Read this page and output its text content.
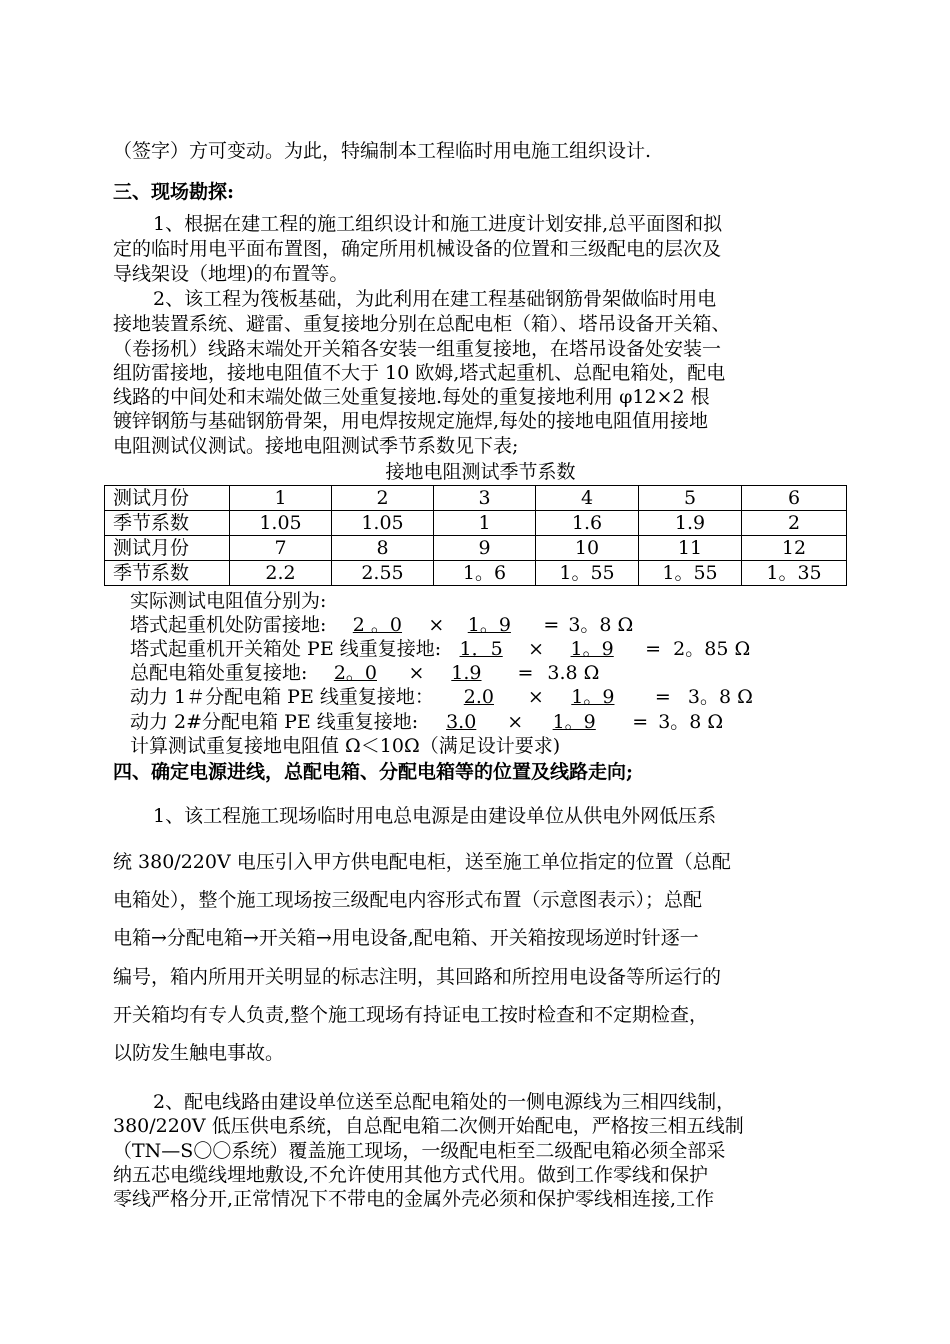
（签字）方可变动。为此，特编制本工程临时用电施工组织设计.
三、现场勘探:
1、根据在建工程的施工组织设计和施工进度计划安排,总平面图和拟
定的临时用电平面布置图，确定所用机械设备的位置和三级配电的层次及
导线架设（地埋)的布置等。
2、该工程为筏板基础，为此利用在建工程基础钢筋骨架做临时用电
接地装置系统、避雷、重复接地分别在总配电柜（箱）、塔吊设备开关箱、
（卷扬机）线路末端处开关箱各安装一组重复接地，在塔吊设备处安装一
组防雷接地，接地电阻值不大于 10 欧姆,塔式起重机、总配电箱处，配电
线路的中间处和末端处做三处重复接地.每处的重复接地利用 φ12×2 根
镀锌钢筋与基础钢筋骨架，用电焊按规定施焊,每处的接地电阻值用接地
电阻测试仪测试。接地电阻测试季节系数见下表;
接地电阻测试季节系数
测试月份	1	2	3	4	5	6
季节系数	1.05	1.05	1	1.6	1.9	2
测试月份	7	8	9	10	11	12
季节系数	2.2	2.55	1。6	1。55	1。55	1。35
实际测试电阻值分别为:
塔式起重机处防雷接地: 2 。0 × 1。9 = 3。8 Ω
塔式起重机开关箱处 PE 线重复接地: 1．5 × 1。9 = 2。85 Ω
总配电箱处重复接地: 2。0 × 1.9 = 3.8 Ω
动力 1＃分配电箱 PE 线重复接地： 2.0 × 1。9 = 3。8 Ω
动力 2#分配电箱 PE 线重复接地: 3.0 × 1。9 = 3。8 Ω
计算测试重复接地电阻值 Ω＜10Ω（满足设计要求)
四、确定电源进线，总配电箱、分配电箱等的位置及线路走向;
1、该工程施工现场临时用电总电源是由建设单位从供电外网低压系
统 380/220V 电压引入甲方供电配电柜，送至施工单位指定的位置（总配
电箱处），整个施工现场按三级配电内容形式布置（示意图表示）；总配
电箱→分配电箱→开关箱→用电设备,配电箱、开关箱按现场逆时针逐一
编号，箱内所用开关明显的标志注明，其回路和所控用电设备等所运行的
开关箱均有专人负责,整个施工现场有持证电工按时检查和不定期检查，
以防发生触电事故。
2、配电线路由建设单位送至总配电箱处的一侧电源线为三相四线制，
380/220V 低压供电系统，自总配电箱二次侧开始配电，严格按三相五线制
（TN—S〇〇系统）覆盖施工现场，一级配电柜至二级配电箱必须全部采
纳五芯电缆线埋地敷设,不允许使用其他方式代用。做到工作零线和保护
零线严格分开,正常情况下不带电的金属外壳必须和保护零线相连接,工作
